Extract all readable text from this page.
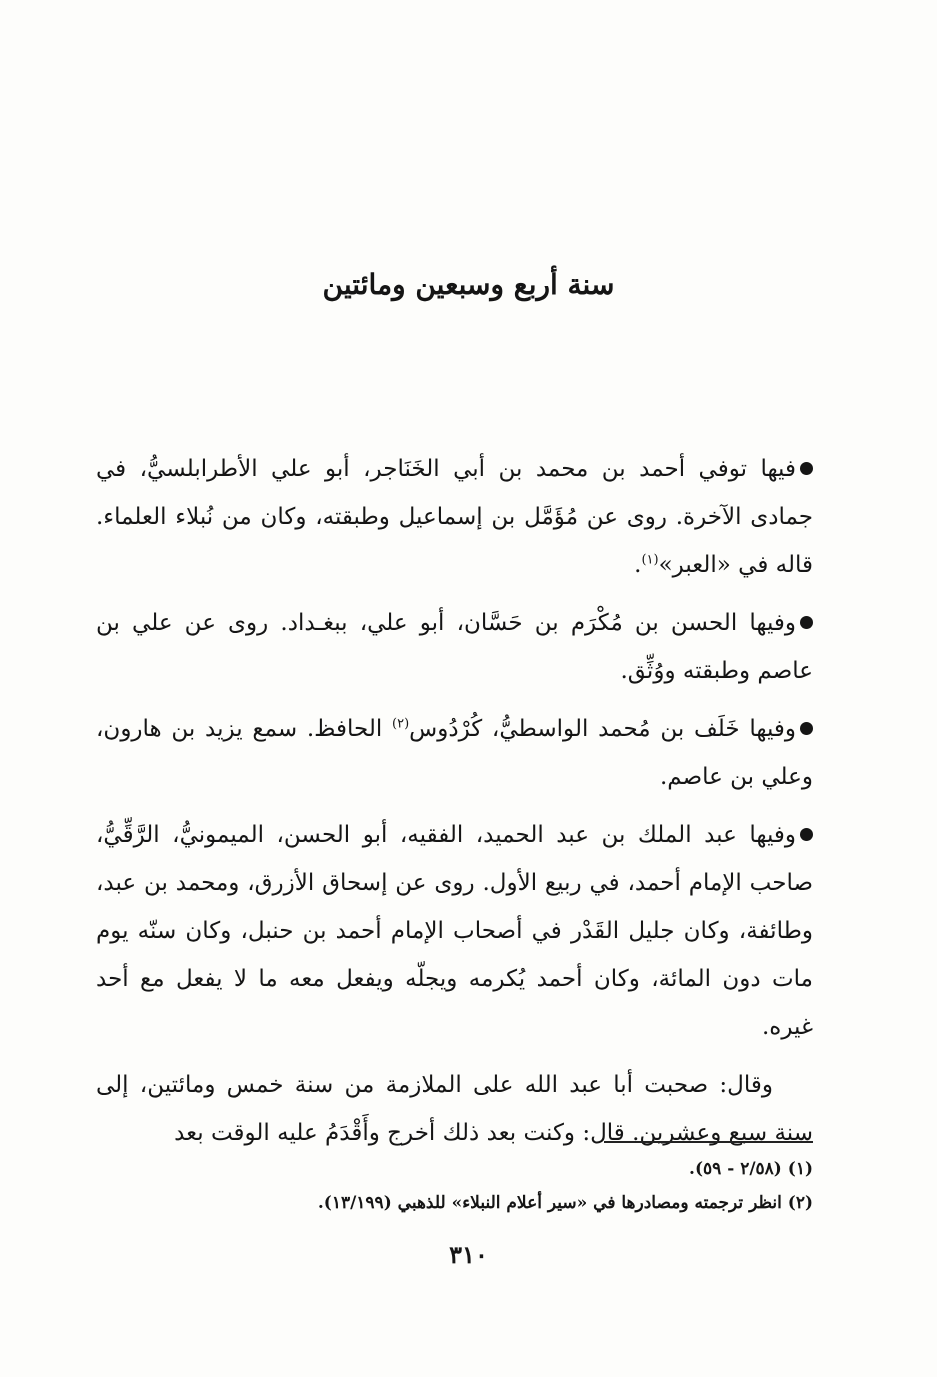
سنة أربع وسبعين ومائتين

فيها توفي أحمد بن محمد بن أبي الخَنَاجر، أبو علي الأطرابلسيُّ، في جمادى الآخرة. روى عن مُؤَمَّل بن إسماعيل وطبقته، وكان من نُبلاء العلماء. قاله في «العبر»$^{(١)}$.

وفيها الحسن بن مُكْرَم بن حَسَّان، أبو علي، ببغـداد. روى عن علي بن عاصم وطبقته ووُثِّق.

وفيها خَلَف بن مُحمد الواسطيُّ، كُرْدُوس$^{(٢)}$ الحافظ. سمع يزيد بن هارون، وعلي بن عاصم.

وفيها عبد الملك بن عبد الحميد، الفقيه، أبو الحسن، الميمونيُّ، الرَّقِّيُّ، صاحب الإمام أحمد، في ربيع الأول. روى عن إسحاق الأزرق، ومحمد بن عبد، وطائفة، وكان جليل القَدْر في أصحاب الإمام أحمد بن حنبل، وكان سنّه يوم مات دون المائة، وكان أحمد يُكرمه ويجلّه ويفعل معه ما لا يفعل مع أحد غيره.

وقال: صحبت أبا عبد الله على الملازمة من سنة خمس ومائتين، إلى سنة سبع وعشرين. قال: وكنت بعد ذلك أخرج وأَقْدَمُ عليه الوقت بعد

(١) (٢/٥٨ - ٥٩).

(٢) انظر ترجمته ومصادرها في «سير أعلام النبلاء» للذهبي (١٣/١٩٩).

٣١٠
